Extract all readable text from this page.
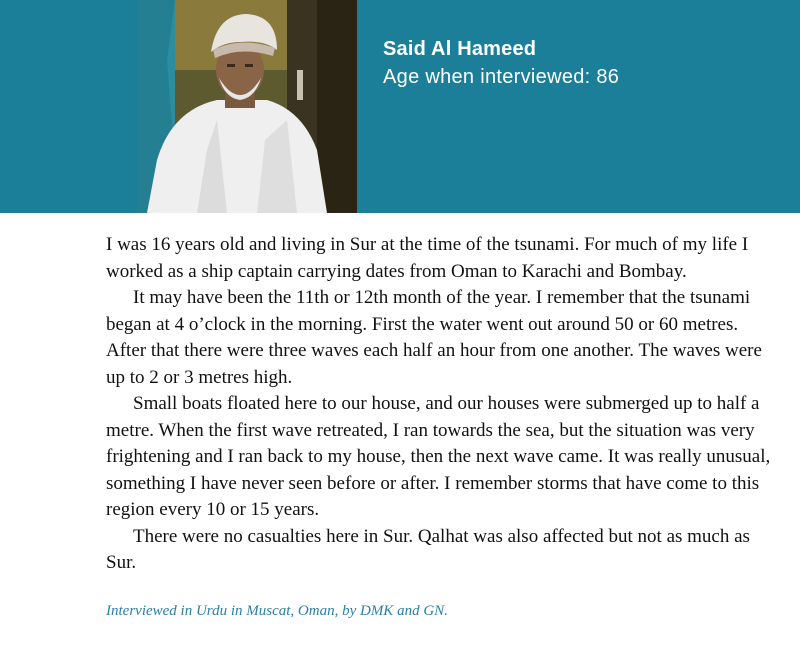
Said Al Hameed
Age when interviewed: 86

I was 16 years old and living in Sur at the time of the tsunami. For much of my life I worked as a ship captain carrying dates from Oman to Karachi and Bombay.

It may have been the 11th or 12th month of the year. I remember that the tsunami began at 4 o’clock in the morning. First the water went out around 50 or 60 metres. After that there were three waves each half an hour from one another. The waves were up to 2 or 3 metres high.

Small boats floated here to our house, and our houses were submerged up to half a metre. When the first wave retreated, I ran towards the sea, but the situation was very frightening and I ran back to my house, then the next wave came. It was really unusual, something I have never seen before or after. I remember storms that have come to this region every 10 or 15 years.

There were no casualties here in Sur. Qalhat was also affected but not as much as Sur.

Interviewed in Urdu in Muscat, Oman, by DMK and GN.
